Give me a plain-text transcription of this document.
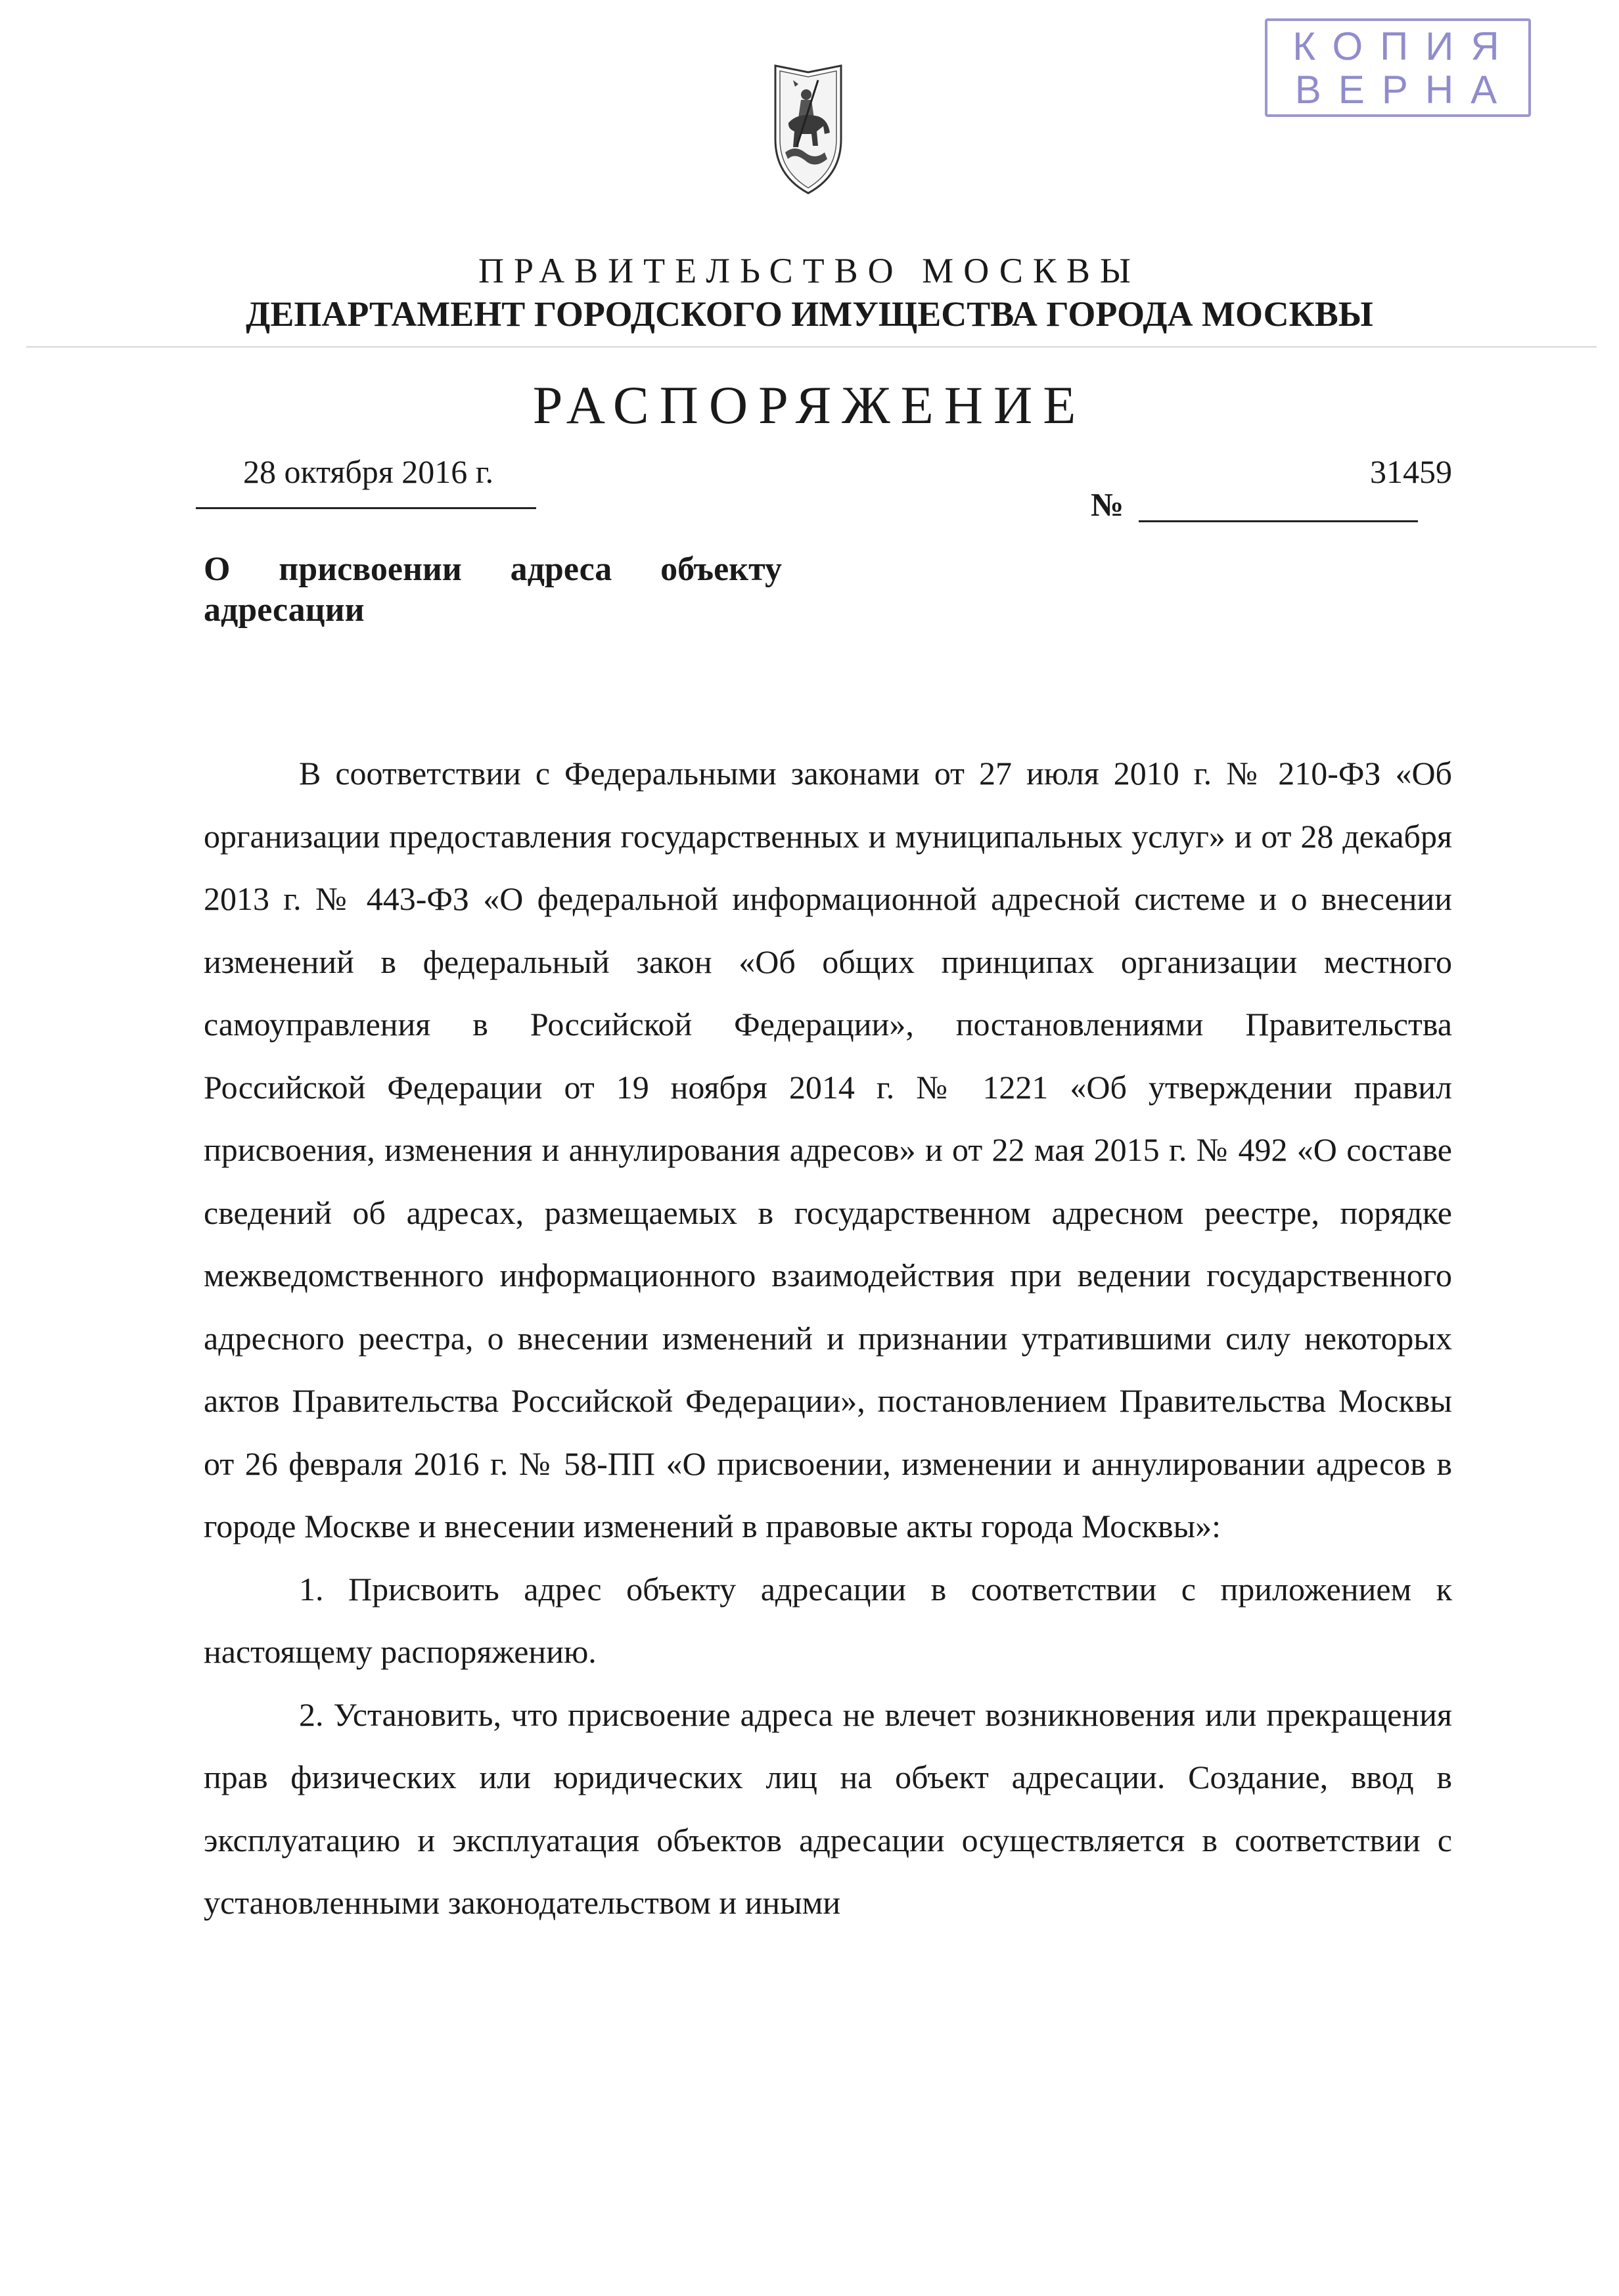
КОПИЯ
ВЕРНА
ПРАВИТЕЛЬСТВО МОСКВЫ
ДЕПАРТАМЕНТ ГОРОДСКОГО ИМУЩЕСТВА ГОРОДА МОСКВЫ
РАСПОРЯЖЕНИЕ
28 октября 2016 г.	31459
№
О присвоении адреса объекту адресации

В соответствии с Федеральными законами от 27 июля 2010 г. № 210-ФЗ «Об организации предоставления государственных и муниципальных услуг» и от 28 декабря 2013 г. № 443-ФЗ «О федеральной информационной адресной системе и о внесении изменений в федеральный закон «Об общих принципах организации местного самоуправления в Российской Федерации», постановлениями Правительства Российской Федерации от 19 ноября 2014 г. № 1221 «Об утверждении правил присвоения, изменения и аннулирования адресов» и от 22 мая 2015 г. № 492 «О составе сведений об адресах, размещаемых в государственном адресном реестре, порядке межведомственного информационного взаимодействия при ведении государственного адресного реестра, о внесении изменений и признании утратившими силу некоторых актов Правительства Российской Федерации», постановлением Правительства Москвы от 26 февраля 2016 г. № 58-ПП «О присвоении, изменении и аннулировании адресов в городе Москве и внесении изменений в правовые акты города Москвы»:

1. Присвоить адрес объекту адресации в соответствии с приложением к настоящему распоряжению.

2. Установить, что присвоение адреса не влечет возникновения или прекращения прав физических или юридических лиц на объект адресации. Создание, ввод в эксплуатацию и эксплуатация объектов адресации осуществляется в соответствии с установленными законодательством и иными
